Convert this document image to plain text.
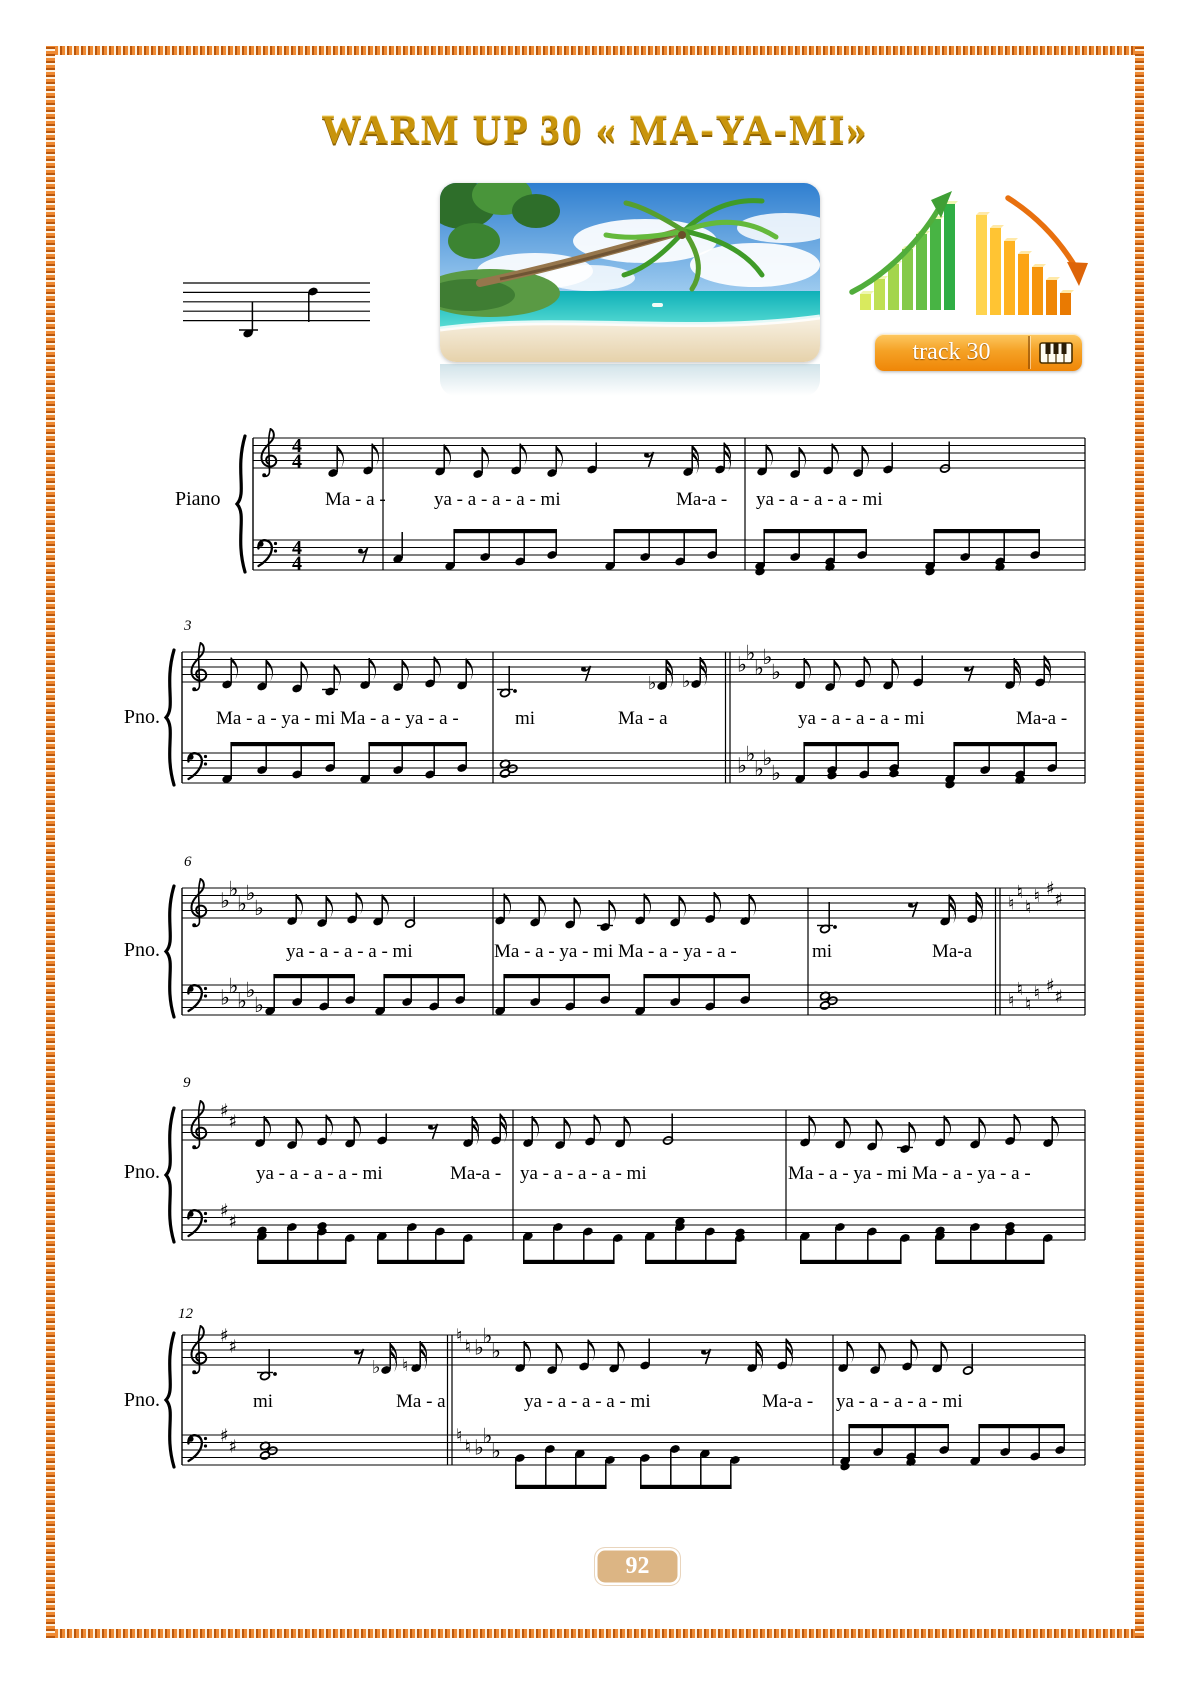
WARM UP 30 « MA-YA-MI»
track 30
4
4
4
4
♭
♭
♭
♭
♭
♭
♭
♭
♭
♭
♯
♯
♯
♯
♯
♯
♯
♯
♭ ♭
♭
♭
♭
♭
♭
♭
♭
♭
♭
♭
♮
♮
♮
♮ ♯
♯
♮
♮
♮
♮ ♯
♯
♭ ♮
♮
♮ ♭
♭
♭
♮
♮ ♭
♭
♭
Piano
Pno.
Pno.
Pno.
Pno.
3
6
9
12
Ma - a -	ya - a - a - a - mi	Ma-a - ya - a - a - a - mi
Ma - a - ya - mi Ma - a - ya - a -	mi	Ma - a	ya - a - a - a - mi	Ma-a -
ya - a - a - a - mi	Ma - a - ya - mi Ma - a - ya - a -	mi	Ma-a
ya - a - a - a - mi	Ma-a - ya - a - a - a - mi	Ma - a - ya - mi Ma - a - ya - a -
mi	Ma - a	ya - a - a - a - mi	Ma-a - ya - a - a - a - mi
92
